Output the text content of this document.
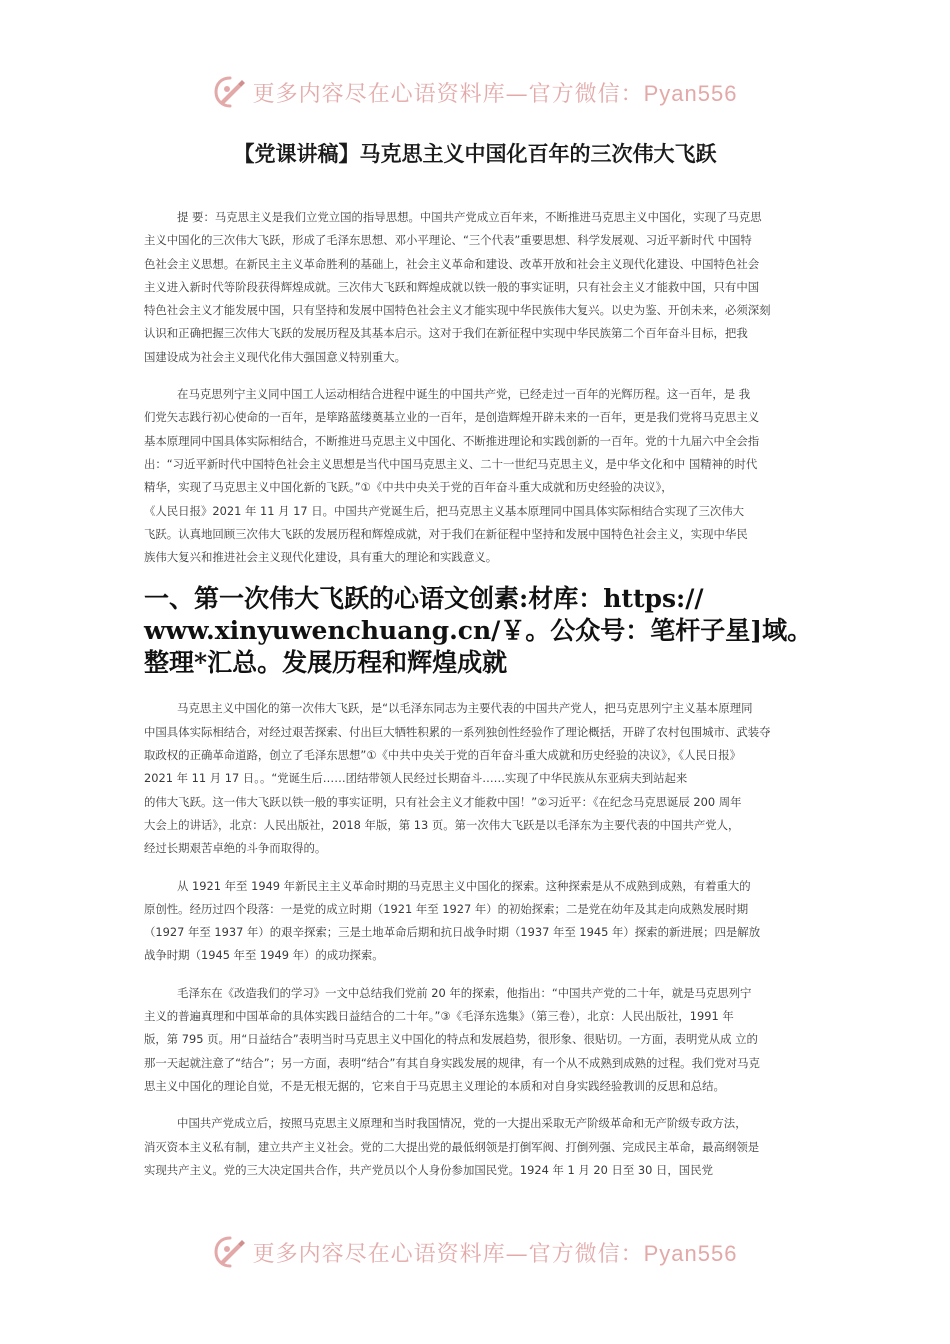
更多内容尽在心语资料库—官方微信：Pyan556
【党课讲稿】马克思主义中国化百年的三次伟大飞跃
提 要：马克思主义是我们立党立国的指导思想。中国共产党成立百年来，不断推进马克思主义中国化，实现了马克思
主义中国化的三次伟大飞跃，形成了毛泽东思想、邓小平理论、“三个代表”重要思想、科学发展观、习近平新时代 中国特
色社会主义思想。在新民主主义革命胜利的基础上，社会主义革命和建设、改革开放和社会主义现代化建设、中国特色社会
主义进入新时代等阶段获得辉煌成就。三次伟大飞跃和辉煌成就以铁一般的事实证明，只有社会主义才能救中国，只有中国
特色社会主义才能发展中国，只有坚持和发展中国特色社会主义才能实现中华民族伟大复兴。以史为鉴、开创未来，必须深刻
认识和正确把握三次伟大飞跃的发展历程及其基本启示。这对于我们在新征程中实现中华民族第二个百年奋斗目标，把我
国建设成为社会主义现代化伟大强国意义特别重大。
在马克思列宁主义同中国工人运动相结合进程中诞生的中国共产党，已经走过一百年的光辉历程。这一百年，是 我
们党矢志践行初心使命的一百年，是筚路蓝缕奠基立业的一百年，是创造辉煌开辟未来的一百年，更是我们党将马克思主义
基本原理同中国具体实际相结合，不断推进马克思主义中国化、不断推进理论和实践创新的一百年。党的十九届六中全会指
出：“习近平新时代中国特色社会主义思想是当代中国马克思主义、二十一世纪马克思主义，是中华文化和中 国精神的时代
精华，实现了马克思主义中国化新的飞跃。”①《中共中央关于党的百年奋斗重大成就和历史经验的决议》，
《人民日报》2021 年 11 月 17 日。中国共产党诞生后，把马克思主义基本原理同中国具体实际相结合实现了三次伟大
飞跃。认真地回顾三次伟大飞跃的发展历程和辉煌成就，对于我们在新征程中坚持和发展中国特色社会主义，实现中华民
族伟大复兴和推进社会主义现代化建设，具有重大的理论和实践意义。
一、第一次伟大飞跃的心语文创素:材库：https://
www.xinyuwenchuang.cn/￥。公众号：笔杆子星]域。
整理*汇总。发展历程和辉煌成就
马克思主义中国化的第一次伟大飞跃，是“以毛泽东同志为主要代表的中国共产党人，把马克思列宁主义基本原理同
中国具体实际相结合，对经过艰苦探索、付出巨大牺牲积累的一系列独创性经验作了理论概括，开辟了农村包围城市、武装夺
取政权的正确革命道路，创立了毛泽东思想”①《中共中央关于党的百年奋斗重大成就和历史经验的决议》，《人民日报》
2021 年 11 月 17 日。。“党诞生后……团结带领人民经过长期奋斗……实现了中华民族从东亚病夫到站起来
的伟大飞跃。这一伟大飞跃以铁一般的事实证明，只有社会主义才能救中国！”②习近平：《在纪念马克思诞辰 200 周年
大会上的讲话》，北京：人民出版社，2018 年版，第 13 页。第一次伟大飞跃是以毛泽东为主要代表的中国共产党人，
经过长期艰苦卓绝的斗争而取得的。
从 1921 年至 1949 年新民主主义革命时期的马克思主义中国化的探索。这种探索是从不成熟到成熟，有着重大的
原创性。经历过四个段落：一是党的成立时期（1921 年至 1927 年）的初始探索；二是党在幼年及其走向成熟发展时期
（1927 年至 1937 年）的艰辛探索；三是土地革命后期和抗日战争时期（1937 年至 1945 年）探索的新进展；四是解放
战争时期（1945 年至 1949 年）的成功探索。
毛泽东在《改造我们的学习》一文中总结我们党前 20 年的探索，他指出：“中国共产党的二十年，就是马克思列宁
主义的普遍真理和中国革命的具体实践日益结合的二十年。”③《毛泽东选集》（第三卷），北京：人民出版社，1991 年
版，第 795 页。用“日益结合”表明当时马克思主义中国化的特点和发展趋势，很形象、很贴切。一方面，表明党从成 立的
那一天起就注意了“结合”；另一方面，表明“结合”有其自身实践发展的规律，有一个从不成熟到成熟的过程。我们党对马克
思主义中国化的理论自觉，不是无根无据的，它来自于马克思主义理论的本质和对自身实践经验教训的反思和总结。
中国共产党成立后，按照马克思主义原理和当时我国情况，党的一大提出采取无产阶级革命和无产阶级专政方法，
消灭资本主义私有制，建立共产主义社会。党的二大提出党的最低纲领是打倒军阀、打倒列强、完成民主革命，最高纲领是
实现共产主义。党的三大决定国共合作，共产党员以个人身份参加国民党。1924 年 1 月 20 日至 30 日，国民党
更多内容尽在心语资料库—官方微信：Pyan556
